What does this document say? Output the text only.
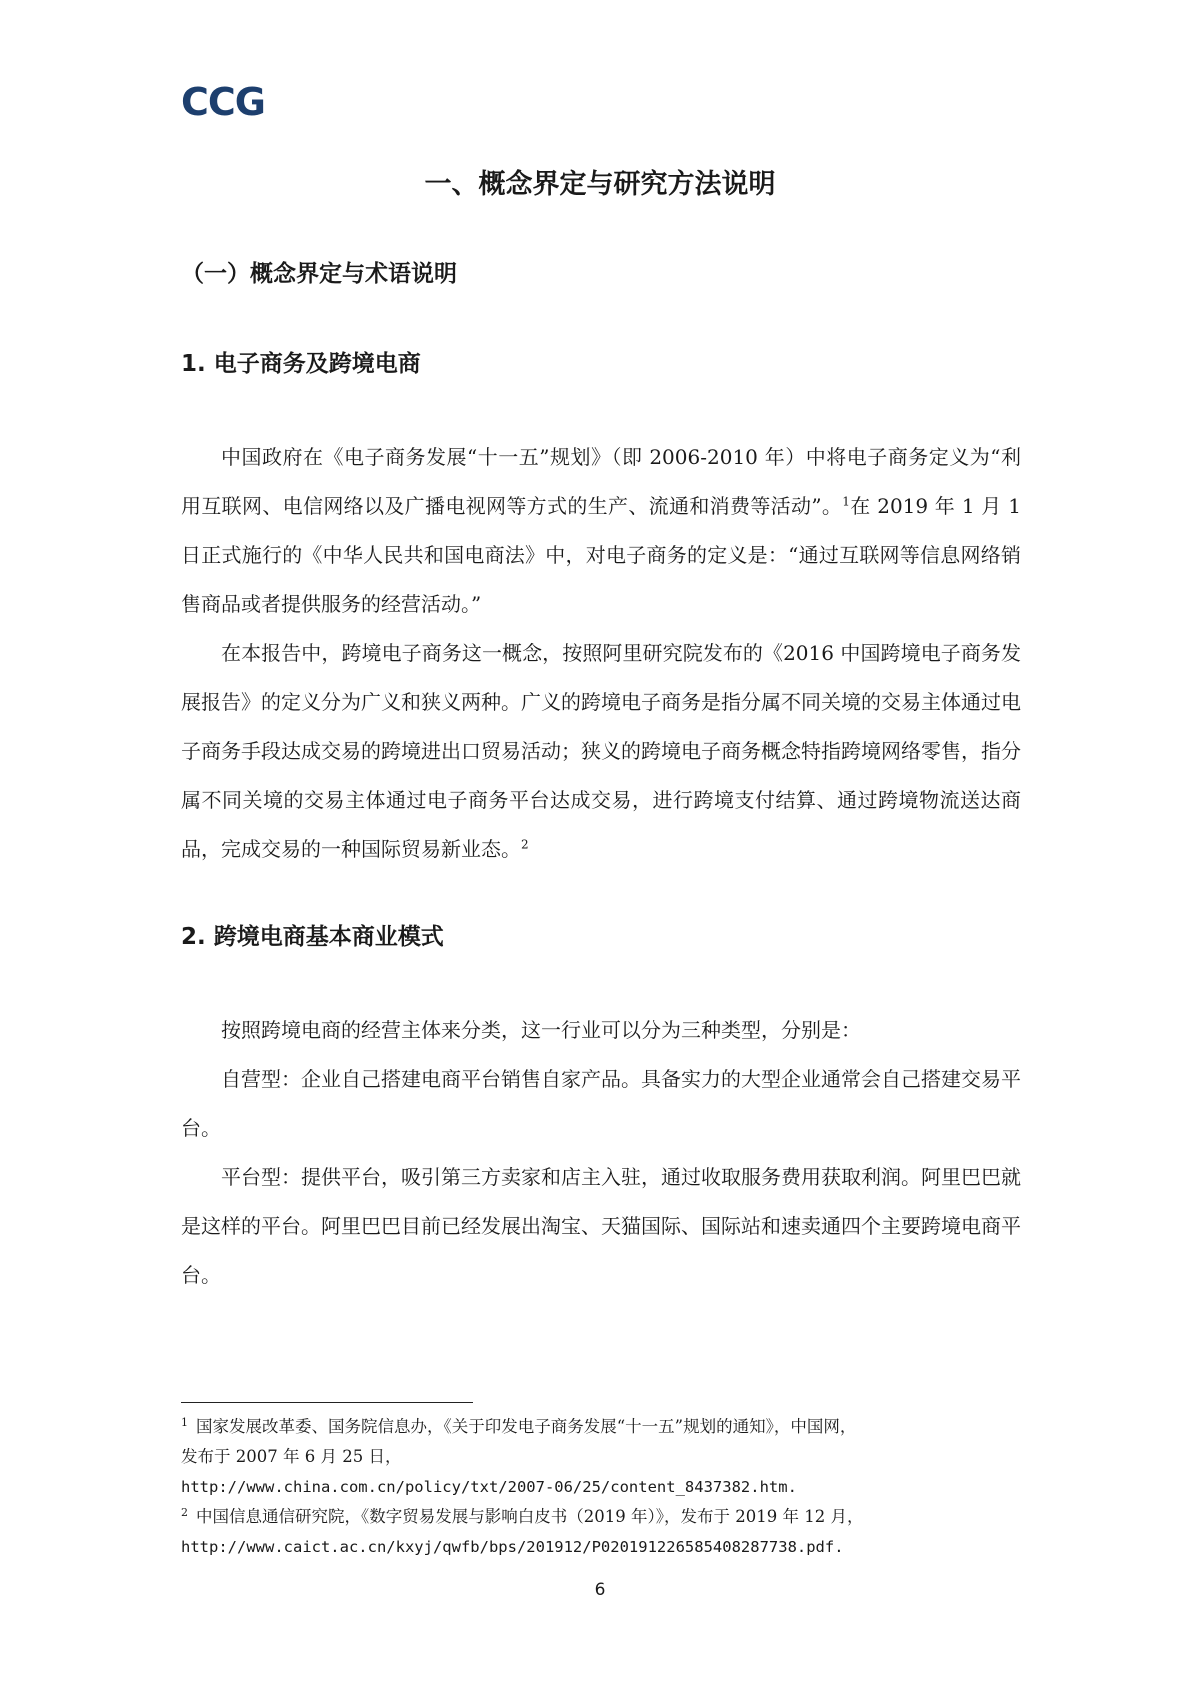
CCG
一、概念界定与研究方法说明
（一）概念界定与术语说明
1. 电子商务及跨境电商

中国政府在《电子商务发展“十一五”规划》（即 2006-2010 年）中将电子商务定义为“利用互联网、电信网络以及广播电视网等方式的生产、流通和消费等活动”。$^1$在 2019 年 1 月 1 日正式施行的《中华人民共和国电商法》中，对电子商务的定义是：“通过互联网等信息网络销售商品或者提供服务的经营活动。”

在本报告中，跨境电子商务这一概念，按照阿里研究院发布的《2016 中国跨境电子商务发展报告》的定义分为广义和狭义两种。广义的跨境电子商务是指分属不同关境的交易主体通过电子商务手段达成交易的跨境进出口贸易活动；狭义的跨境电子商务概念特指跨境网络零售，指分属不同关境的交易主体通过电子商务平台达成交易，进行跨境支付结算、通过跨境物流送达商品，完成交易的一种国际贸易新业态。$^2$

2. 跨境电商基本商业模式

按照跨境电商的经营主体来分类，这一行业可以分为三种类型，分别是：

自营型：企业自己搭建电商平台销售自家产品。具备实力的大型企业通常会自己搭建交易平台。

平台型：提供平台，吸引第三方卖家和店主入驻，通过收取服务费用获取利润。阿里巴巴就是这样的平台。阿里巴巴目前已经发展出淘宝、天猫国际、国际站和速卖通四个主要跨境电商平台。

$^1$ 国家发展改革委、国务院信息办，《关于印发电子商务发展“十一五”规划的通知》，中国网，
发布于 2007 年 6 月 25 日，
http://www.china.com.cn/policy/txt/2007-06/25/content_8437382.htm.
$^2$ 中国信息通信研究院，《数字贸易发展与影响白皮书（2019 年）》，发布于 2019 年 12 月，
http://www.caict.ac.cn/kxyj/qwfb/bps/201912/P020191226585408287738.pdf.
6
